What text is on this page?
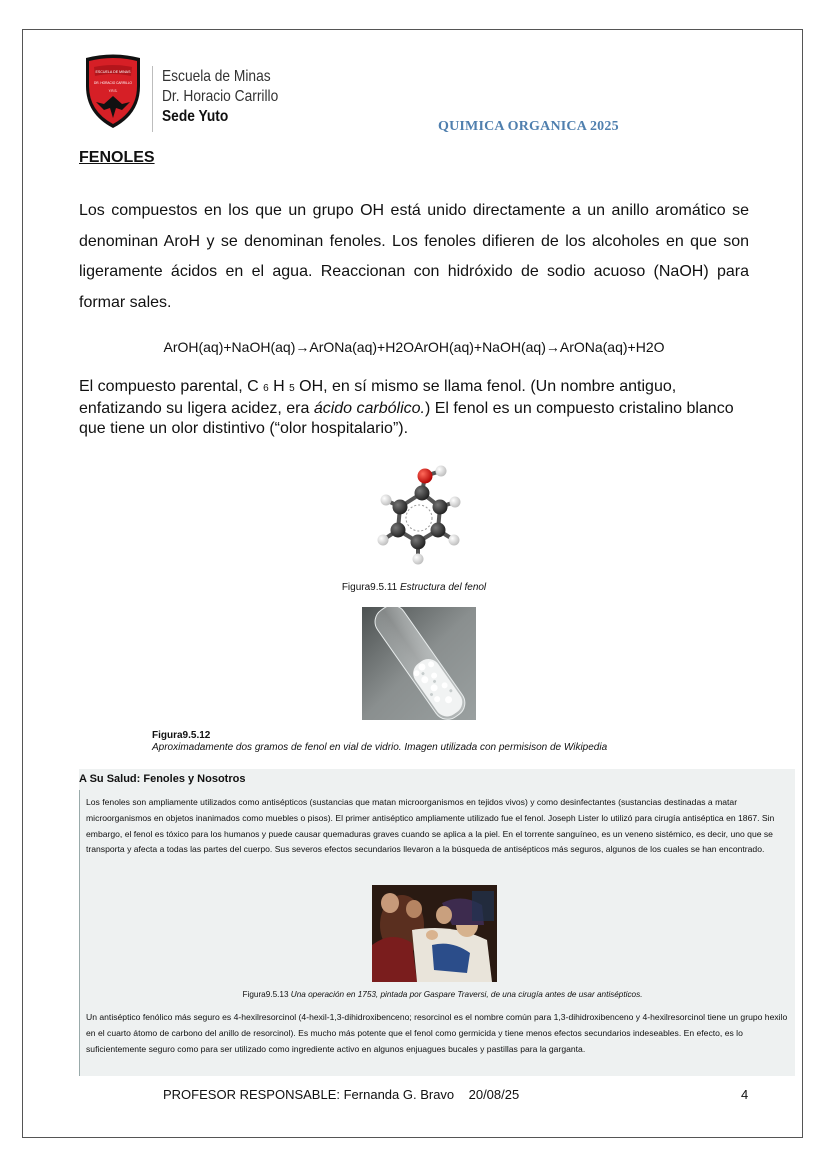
ESCUELA DE MINAS
DR. HORACIO CARRILLO
Y.R.S.
Escuela de Minas
Dr. Horacio Carrillo
Sede Yuto
QUIMICA ORGANICA 2025
FENOLES

Los compuestos en los que un grupo OH está unido directamente a un anillo aromático se denominan AroH y se denominan fenoles. Los fenoles difieren de los alcoholes en que son ligeramente ácidos en el agua. Reaccionan con hidróxido de sodio acuoso (NaOH) para formar sales.

ArOH(aq)+NaOH(aq)→ArONa(aq)+H2OArOH(aq)+NaOH(aq)→ArONa(aq)+H2O

El compuesto parental, C 6 H 5 OH, en sí mismo se llama fenol. (Un nombre antiguo, enfatizando su ligera acidez, era ácido carbólico.) El fenol es un compuesto cristalino blanco que tiene un olor distintivo (“olor hospitalario”).

Figura9.5.11 Estructura del fenol
Figura9.5.12
Aproximadamente dos gramos de fenol en vial de vidrio. Imagen utilizada con permisison de Wikipedia
A Su Salud: Fenoles y Nosotros

Los fenoles son ampliamente utilizados como antisépticos (sustancias que matan microorganismos en tejidos vivos) y como desinfectantes (sustancias destinadas a matar microorganismos en objetos inanimados como muebles o pisos). El primer antiséptico ampliamente utilizado fue el fenol. Joseph Lister lo utilizó para cirugía antiséptica en 1867. Sin embargo, el fenol es tóxico para los humanos y puede causar quemaduras graves cuando se aplica a la piel. En el torrente sanguíneo, es un veneno sistémico, es decir, uno que se transporta y afecta a todas las partes del cuerpo. Sus severos efectos secundarios llevaron a la búsqueda de antisépticos más seguros, algunos de los cuales se han encontrado.

Figura9.5.13 Una operación en 1753, pintada por Gaspare Traversi, de una cirugía antes de usar antisépticos.

Un antiséptico fenólico más seguro es 4-hexilresorcinol (4-hexil-1,3-dihidroxibenceno; resorcinol es el nombre común para 1,3-dihidroxibenceno y 4-hexilresorcinol tiene un grupo hexilo en el cuarto átomo de carbono del anillo de resorcinol). Es mucho más potente que el fenol como germicida y tiene menos efectos secundarios indeseables. En efecto, es lo suficientemente seguro como para ser utilizado como ingrediente activo en algunos enjuagues bucales y pastillas para la garganta.

PROFESOR RESPONSABLE: Fernanda G. Bravo    20/08/25	4
